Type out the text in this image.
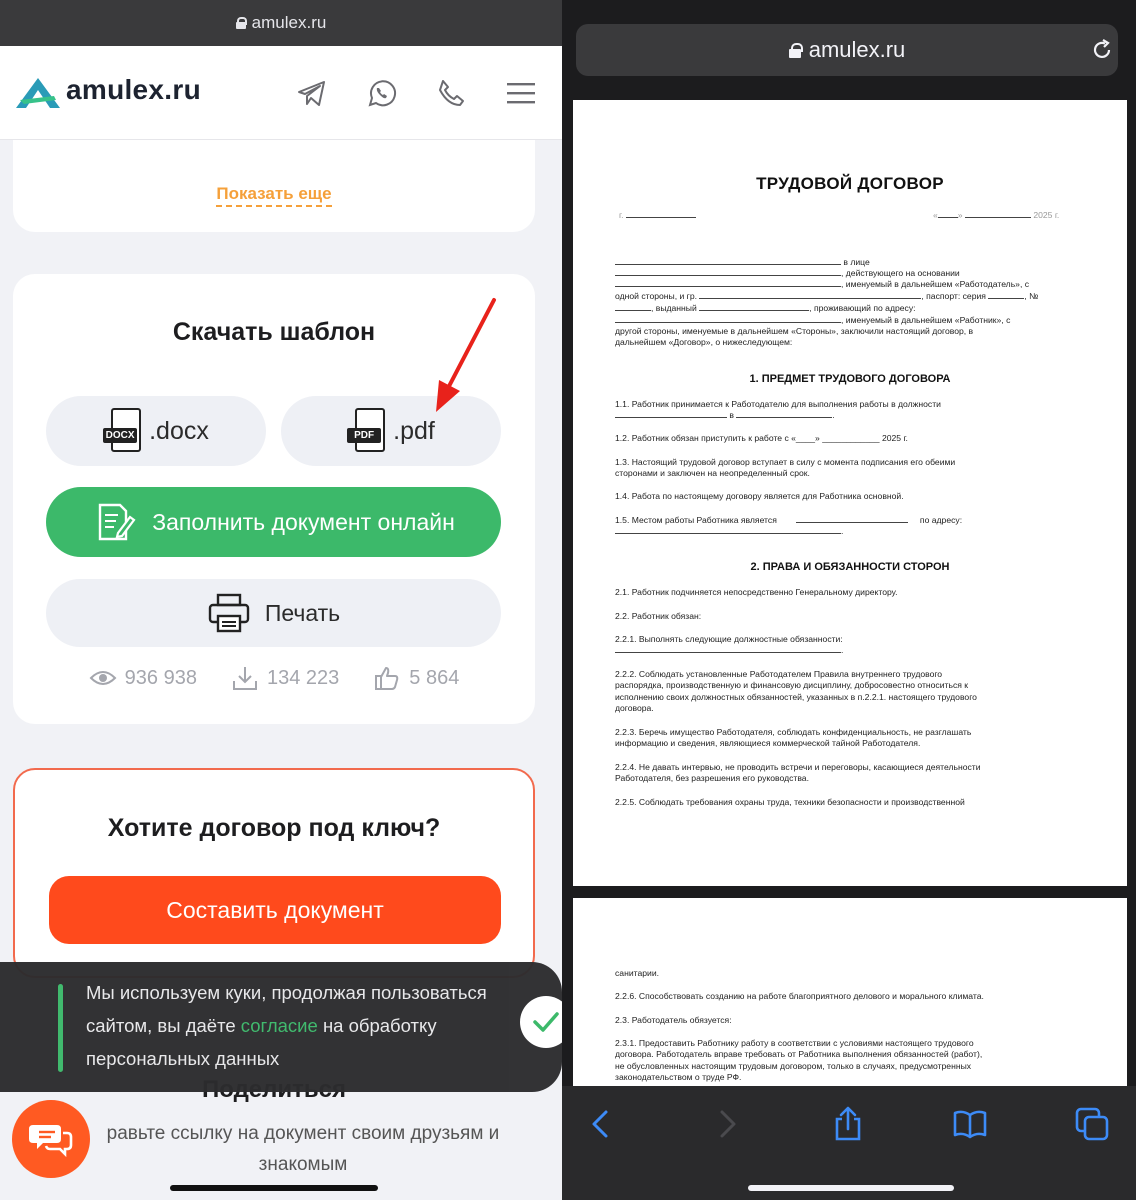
amulex.ru
amulex.ru
Показать еще
Скачать шаблон
DOCX .docx	PDF .pdf
Заполнить документ онлайн
Печать
936 938	134 223	5 864
Хотите договор под ключ?
Составить документ
равьте ссылку на документ своим друзьям и знакомым
Мы используем куки, продолжая пользоваться сайтом, вы даёте согласие на обработку персональных данных
amulex.ru
ТРУДОВОЙ ДОГОВОР
г.	« »	2025 г.
в лице
, действующего на основании
, именуемый в дальнейшем «Работодатель», с
одной стороны, и гр.	, паспорт: серия	, №
, выданный	, проживающий по адресу:
, именуемый в дальнейшем «Работник», с
другой стороны, именуемые в дальнейшем «Стороны», заключили настоящий договор, в
дальнейшем «Договор», о нижеследующем:
1. ПРЕДМЕТ ТРУДОВОГО ДОГОВОРА
1.1. Работник принимается к Работодателю для выполнения работы в должности
в	.
1.2. Работник обязан приступить к работе с «____» ____________ 2025 г.
1.3. Настоящий трудовой договор вступает в силу с момента подписания его обеими
сторонами и заключен на неопределенный срок.
1.4. Работа по настоящему договору является для Работника основной.
1.5. Местом работы Работника является	по адресу:
.
2. ПРАВА И ОБЯЗАННОСТИ СТОРОН
2.1. Работник подчиняется непосредственно Генеральному директору.
2.2. Работник обязан:
2.2.1. Выполнять следующие должностные обязанности:
.
2.2.2. Соблюдать установленные Работодателем Правила внутреннего трудового
распорядка, производственную и финансовую дисциплину, добросовестно относиться к
исполнению своих должностных обязанностей, указанных в п.2.2.1. настоящего трудового
договора.
2.2.3. Беречь имущество Работодателя, соблюдать конфиденциальность, не разглашать
информацию и сведения, являющиеся коммерческой тайной Работодателя.
2.2.4. Не давать интервью, не проводить встречи и переговоры, касающиеся деятельности
Работодателя, без разрешения его руководства.
2.2.5. Соблюдать требования охраны труда, техники безопасности и производственной
санитарии.
2.2.6. Способствовать созданию на работе благоприятного делового и морального климата.
2.3. Работодатель обязуется:
2.3.1. Предоставить Работнику работу в соответствии с условиями настоящего трудового
договора. Работодатель вправе требовать от Работника выполнения обязанностей (работ),
не обусловленных настоящим трудовым договором, только в случаях, предусмотренных
законодательством о труде РФ.
